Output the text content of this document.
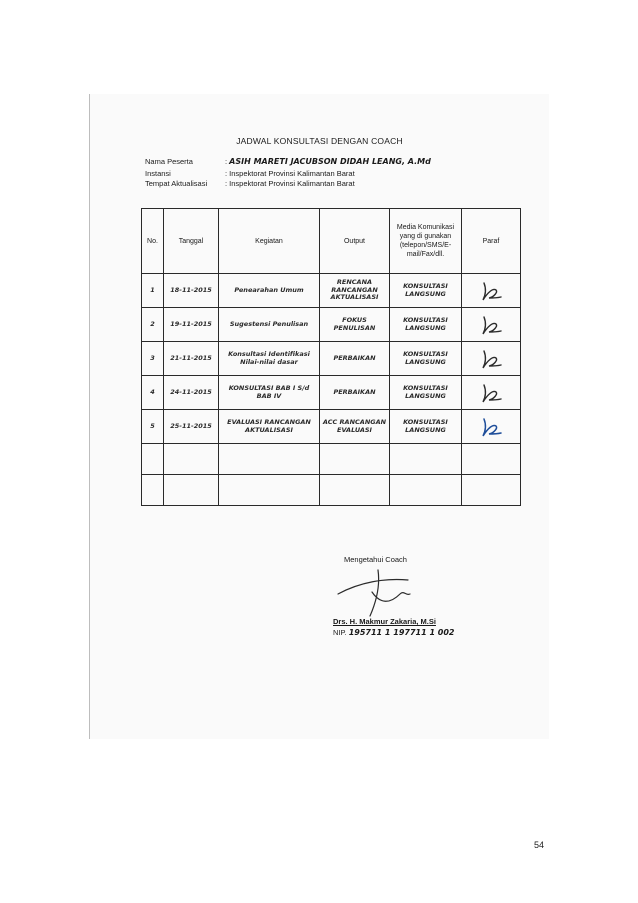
JADWAL KONSULTASI DENGAN COACH
Nama Peserta	: ASIH MARETI JACUBSON DIDAH LEANG, A.Md
Instansi	: Inspektorat Provinsi Kalimantan Barat
Tempat Aktualisasi : Inspektorat Provinsi Kalimantan Barat
No.	Tanggal	Kegiatan	Output	Media Komunikasi yang di gunakan (telepon/SMS/E-mail/Fax/dll.	Paraf
1	18-11-2015	Penearahan Umum	RENCANA RANCANGAN AKTUALISASI	KONSULTASI LANGSUNG	

2	19-11-2015	Sugestensi Penulisan	FOKUS PENULISAN	KONSULTASI LANGSUNG	

3	21-11-2015	Konsultasi Identifikasi Nilai-nilai dasar	PERBAIKAN	KONSULTASI LANGSUNG	

4	24-11-2015	KONSULTASI BAB I S/d BAB IV	PERBAIKAN	KONSULTASI LANGSUNG	

5	25-11-2015	EVALUASI RANCANGAN AKTUALISASI	ACC RANCANGAN EVALUASI	KONSULTASI LANGSUNG	

Mengetahui Coach
Drs. H. Makmur Zakaria, M.Si
NIP. 195711 1 197711 1 002
54
